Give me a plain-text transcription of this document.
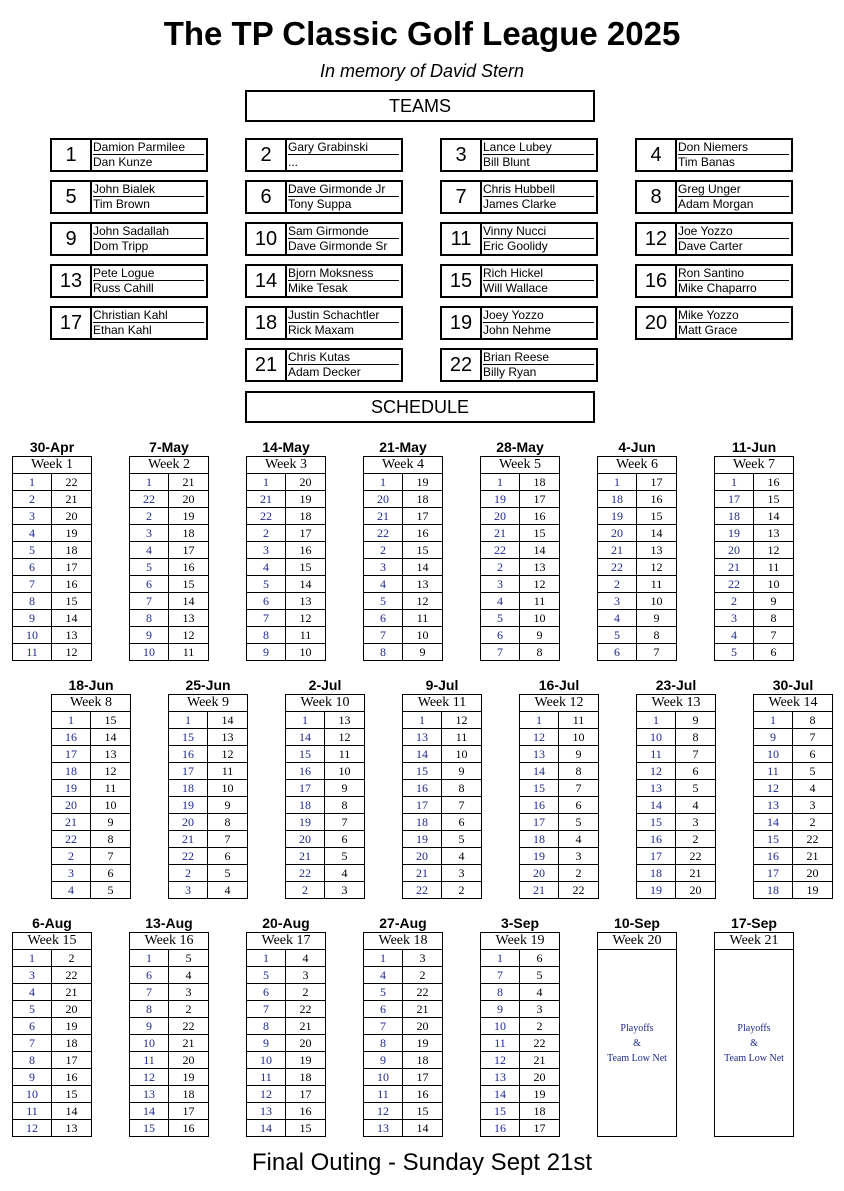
The TP Classic Golf League 2025
In memory of David Stern
TEAMS
1	Damion Parmilee
Dan Kunze	2	Gary Grabinski
...	3	Lance Lubey
Bill Blunt	4	Don Niemers
Tim Banas
5	John Bialek
Tim Brown	6	Dave Girmonde Jr
Tony Suppa	7	Chris Hubbell
James Clarke	8	Greg Unger
Adam Morgan
9	John Sadallah
Dom Tripp	10 Sam Girmonde
Dave Girmonde Sr	11 Vinny Nucci
Eric Goolidy	12 Joe Yozzo
Dave Carter
13 Pete Logue
Russ Cahill	14 Bjorn Moksness
Mike Tesak	15 Rich Hickel
Will Wallace	16 Ron Santino
Mike Chaparro
17 Christian Kahl
Ethan Kahl	18 Justin Schachtler
Rick Maxam	19 Joey Yozzo
John Nehme	20 Mike Yozzo
Matt Grace
21 Chris Kutas
Adam Decker	22 Brian Reese
Billy Ryan
SCHEDULE
30-Apr
Week 1
1	22
2	21
3	20
4	19
5	18
6	17
7	16
8	15
9	14
10	13
11	12
7-May
Week 2
1	21
22	20
2	19
3	18
4	17
5	16
6	15
7	14
8	13
9	12
10	11
14-May
Week 3
1	20
21	19
22	18
2	17
3	16
4	15
5	14
6	13
7	12
8	11
9	10
21-May
Week 4
1	19
20	18
21	17
22	16
2	15
3	14
4	13
5	12
6	11
7	10
8	9
28-May
Week 5
1	18
19	17
20	16
21	15
22	14
2	13
3	12
4	11
5	10
6	9
7	8
4-Jun
Week 6
1	17
18	16
19	15
20	14
21	13
22	12
2	11
3	10
4	9
5	8
6	7
11-Jun
Week 7
1	16
17	15
18	14
19	13
20	12
21	11
22	10
2	9
3	8
4	7
5	6
18-Jun
Week 8
1	15
16	14
17	13
18	12
19	11
20	10
21	9
22	8
2	7
3	6
4	5
25-Jun
Week 9
1	14
15	13
16	12
17	11
18	10
19	9
20	8
21	7
22	6
2	5
3	4
2-Jul
Week 10
1	13
14	12
15	11
16	10
17	9
18	8
19	7
20	6
21	5
22	4
2	3
9-Jul
Week 11
1	12
13	11
14	10
15	9
16	8
17	7
18	6
19	5
20	4
21	3
22	2
16-Jul
Week 12
1	11
12	10
13	9
14	8
15	7
16	6
17	5
18	4
19	3
20	2
21	22
23-Jul
Week 13
1	9
10	8
11	7
12	6
13	5
14	4
15	3
16	2
17	22
18	21
19	20
30-Jul
Week 14
1	8
9	7
10	6
11	5
12	4
13	3
14	2
15	22
16	21
17	20
18	19
6-Aug
Week 15
1	2
3	22
4	21
5	20
6	19
7	18
8	17
9	16
10	15
11	14
12	13
13-Aug
Week 16
1	5
6	4
7	3
8	2
9	22
10	21
11	20
12	19
13	18
14	17
15	16
20-Aug
Week 17
1	4
5	3
6	2
7	22
8	21
9	20
10	19
11	18
12	17
13	16
14	15
27-Aug
Week 18
1	3
4	2
5	22
6	21
7	20
8	19
9	18
10	17
11	16
12	15
13	14
3-Sep
Week 19
1	6
7	5
8	4
9	3
10	2
11	22
12	21
13	20
14	19
15	18
16	17
10-Sep
Week 20
Playoffs
&
Team Low Net
17-Sep
Week 21
Playoffs
&
Team Low Net
Final Outing - Sunday Sept 21st
